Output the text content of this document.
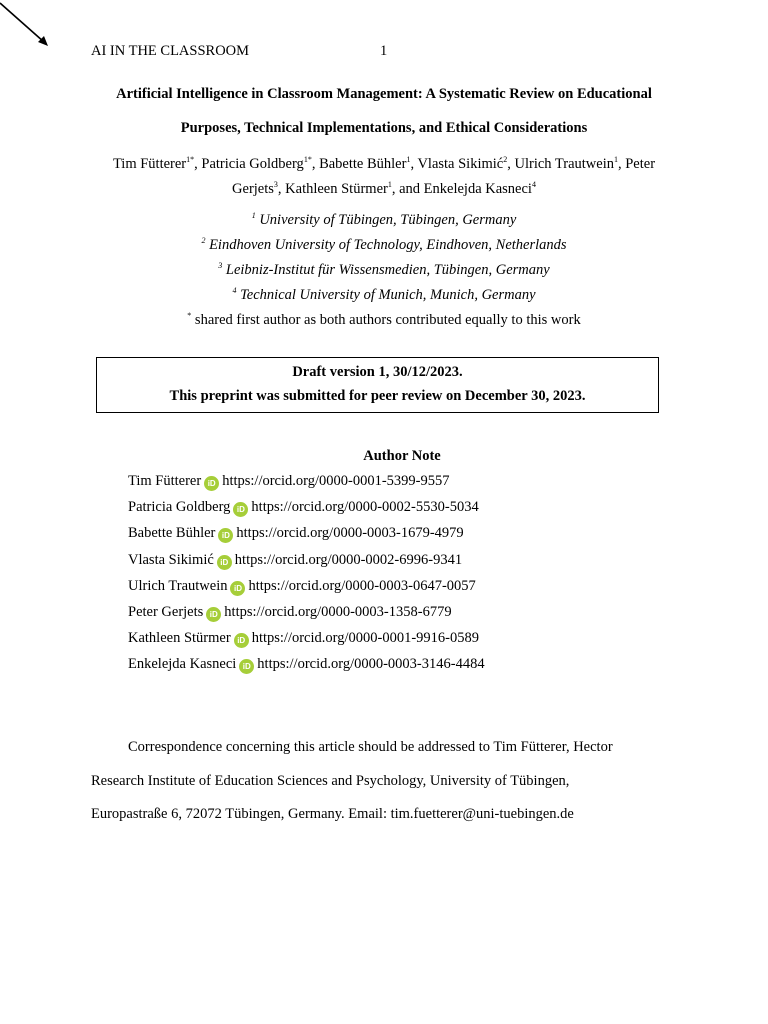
AI IN THE CLASSROOM	1
Artificial Intelligence in Classroom Management: A Systematic Review on Educational
Purposes, Technical Implementations, and Ethical Considerations
Tim Fütterer$^{1*}$, Patricia Goldberg$^{1*}$, Babette Bühler$^1$, Vlasta Sikimić$^2$, Ulrich Trautwein$^1$, Peter Gerjets$^3$, Kathleen Stürmer$^1$, and Enkelejda Kasneci$^4$
$^1$ University of Tübingen, Tübingen, Germany
$^2$ Eindhoven University of Technology, Eindhoven, Netherlands
$^3$ Leibniz-Institut für Wissensmedien, Tübingen, Germany
$^4$ Technical University of Munich, Munich, Germany
* shared first author as both authors contributed equally to this work
Draft version 1, 30/12/2023.
This preprint was submitted for peer review on December 30, 2023.
Author Note
Tim Fütterer iD https://orcid.org/0000-0001-5399-9557
Patricia Goldberg iD https://orcid.org/0000-0002-5530-5034
Babette Bühler iD https://orcid.org/0000-0003-1679-4979
Vlasta Sikimić iD https://orcid.org/0000-0002-6996-9341
Ulrich Trautwein iD https://orcid.org/0000-0003-0647-0057
Peter Gerjets iD https://orcid.org/0000-0003-1358-6779
Kathleen Stürmer iD https://orcid.org/0000-0001-9916-0589
Enkelejda Kasneci iD https://orcid.org/0000-0003-3146-4484
Correspondence concerning this article should be addressed to Tim Fütterer, Hector
Research Institute of Education Sciences and Psychology, University of Tübingen,
Europastraße 6, 72072 Tübingen, Germany. Email: tim.fuetterer@uni-tuebingen.de
